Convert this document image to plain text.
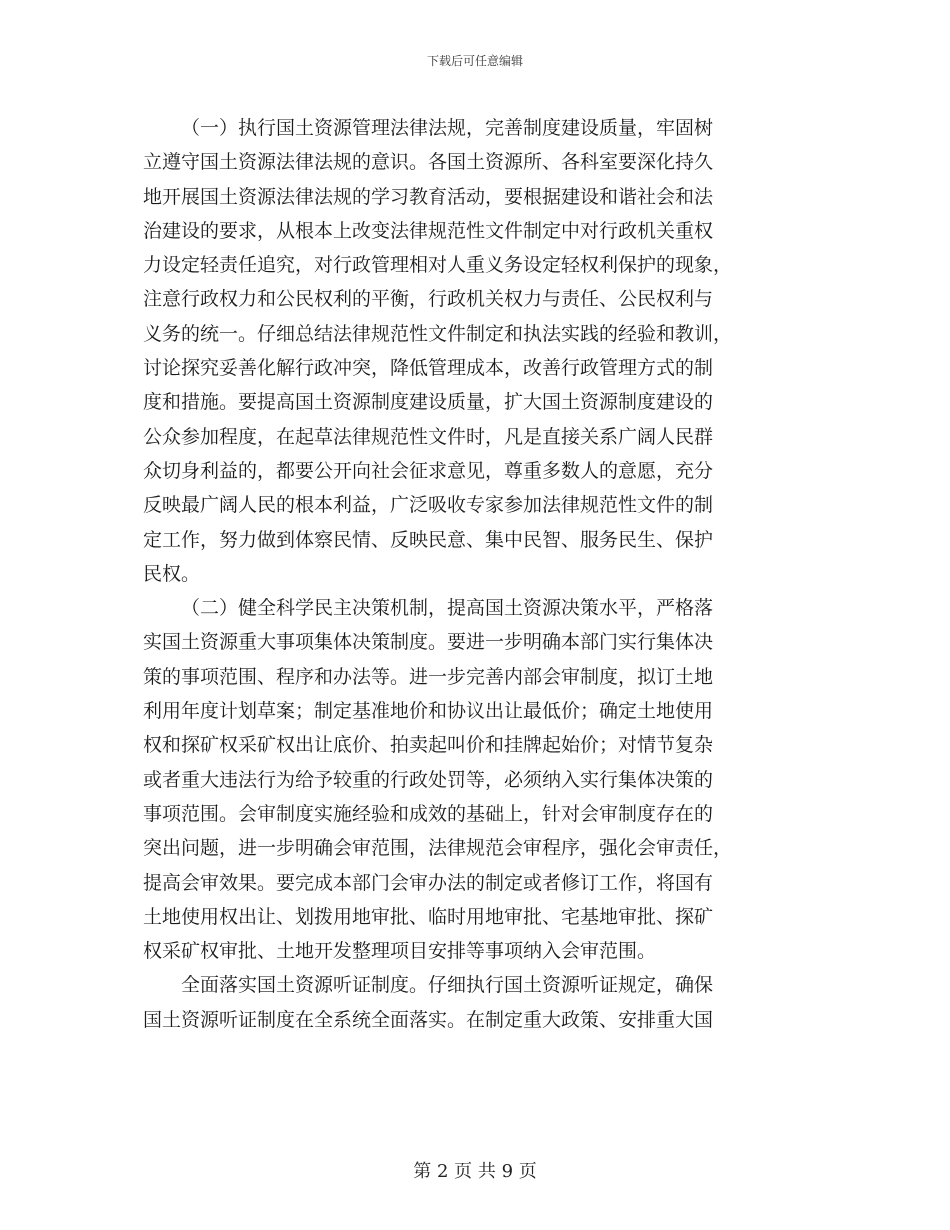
下载后可任意编辑
（一）执行国土资源管理法律法规，完善制度建设质量，牢固树
立遵守国土资源法律法规的意识。各国土资源所、各科室要深化持久
地开展国土资源法律法规的学习教育活动，要根据建设和谐社会和法
治建设的要求，从根本上改变法律规范性文件制定中对行政机关重权
力设定轻责任追究，对行政管理相对人重义务设定轻权利保护的现象，
注意行政权力和公民权利的平衡，行政机关权力与责任、公民权利与
义务的统一。仔细总结法律规范性文件制定和执法实践的经验和教训，
讨论探究妥善化解行政冲突，降低管理成本，改善行政管理方式的制
度和措施。要提高国土资源制度建设质量，扩大国土资源制度建设的
公众参加程度，在起草法律规范性文件时，凡是直接关系广阔人民群
众切身利益的，都要公开向社会征求意见，尊重多数人的意愿，充分
反映最广阔人民的根本利益，广泛吸收专家参加法律规范性文件的制
定工作，努力做到体察民情、反映民意、集中民智、服务民生、保护
民权。
（二）健全科学民主决策机制，提高国土资源决策水平，严格落
实国土资源重大事项集体决策制度。要进一步明确本部门实行集体决
策的事项范围、程序和办法等。进一步完善内部会审制度，拟订土地
利用年度计划草案；制定基准地价和协议出让最低价；确定土地使用
权和探矿权采矿权出让底价、拍卖起叫价和挂牌起始价；对情节复杂
或者重大违法行为给予较重的行政处罚等，必须纳入实行集体决策的
事项范围。会审制度实施经验和成效的基础上，针对会审制度存在的
突出问题，进一步明确会审范围，法律规范会审程序，强化会审责任，
提高会审效果。要完成本部门会审办法的制定或者修订工作，将国有
土地使用权出让、划拨用地审批、临时用地审批、宅基地审批、探矿
权采矿权审批、土地开发整理项目安排等事项纳入会审范围。
全面落实国土资源听证制度。仔细执行国土资源听证规定，确保
国土资源听证制度在全系统全面落实。在制定重大政策、安排重大国
第 2 页 共 9 页
